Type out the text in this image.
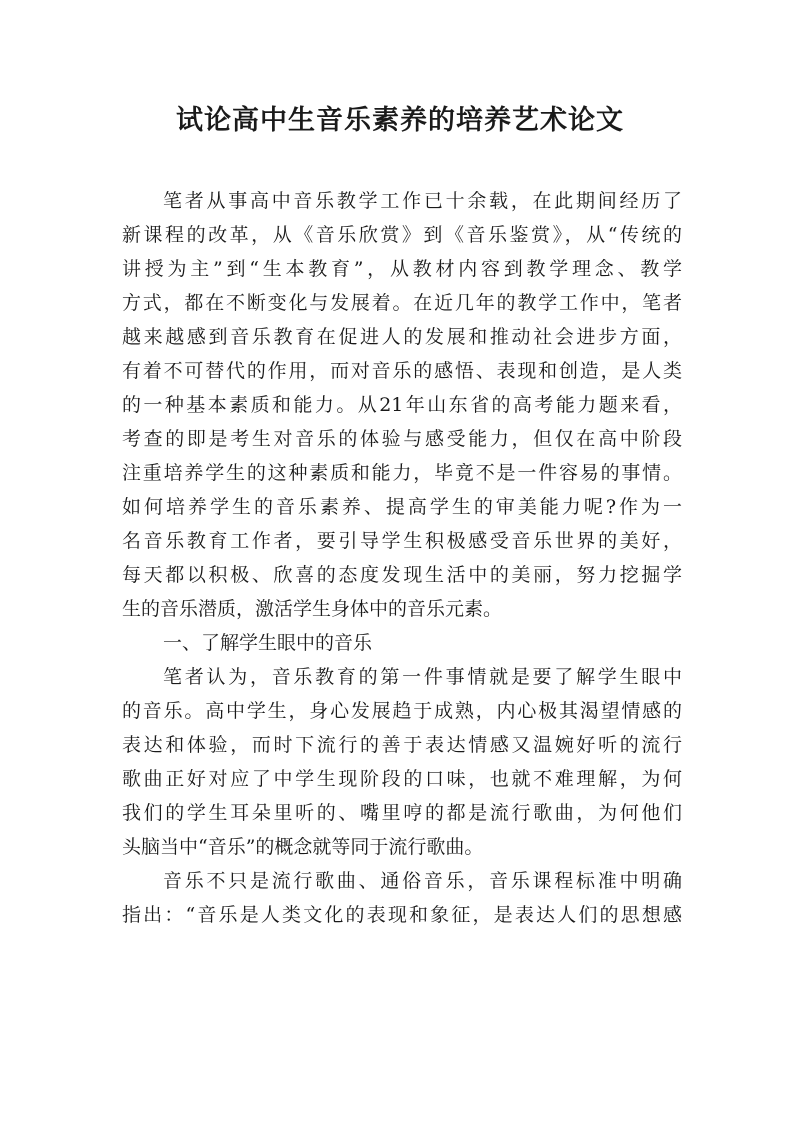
试论高中生音乐素养的培养艺术论文

笔者从事高中音乐教学工作已十余载，在此期间经历了

新课程的改革，从《音乐欣赏》到《音乐鉴赏》，从“传统的

讲授为主”到“生本教育”，从教材内容到教学理念、教学

方式，都在不断变化与发展着。在近几年的教学工作中，笔者

越来越感到音乐教育在促进人的发展和推动社会进步方面，

有着不可替代的作用，而对音乐的感悟、表现和创造，是人类

的一种基本素质和能力。从21年山东省的高考能力题来看，

考查的即是考生对音乐的体验与感受能力，但仅在高中阶段

注重培养学生的这种素质和能力，毕竟不是一件容易的事情。

如何培养学生的音乐素养、提高学生的审美能力呢?作为一

名音乐教育工作者，要引导学生积极感受音乐世界的美好，

每天都以积极、欣喜的态度发现生活中的美丽，努力挖掘学

生的音乐潜质，激活学生身体中的音乐元素。

一、了解学生眼中的音乐

笔者认为，音乐教育的第一件事情就是要了解学生眼中

的音乐。高中学生，身心发展趋于成熟，内心极其渴望情感的

表达和体验，而时下流行的善于表达情感又温婉好听的流行

歌曲正好对应了中学生现阶段的口味，也就不难理解，为何

我们的学生耳朵里听的、嘴里哼的都是流行歌曲，为何他们

头脑当中“音乐”的概念就等同于流行歌曲。

音乐不只是流行歌曲、通俗音乐，音乐课程标准中明确

指出：“音乐是人类文化的表现和象征，是表达人们的思想感
